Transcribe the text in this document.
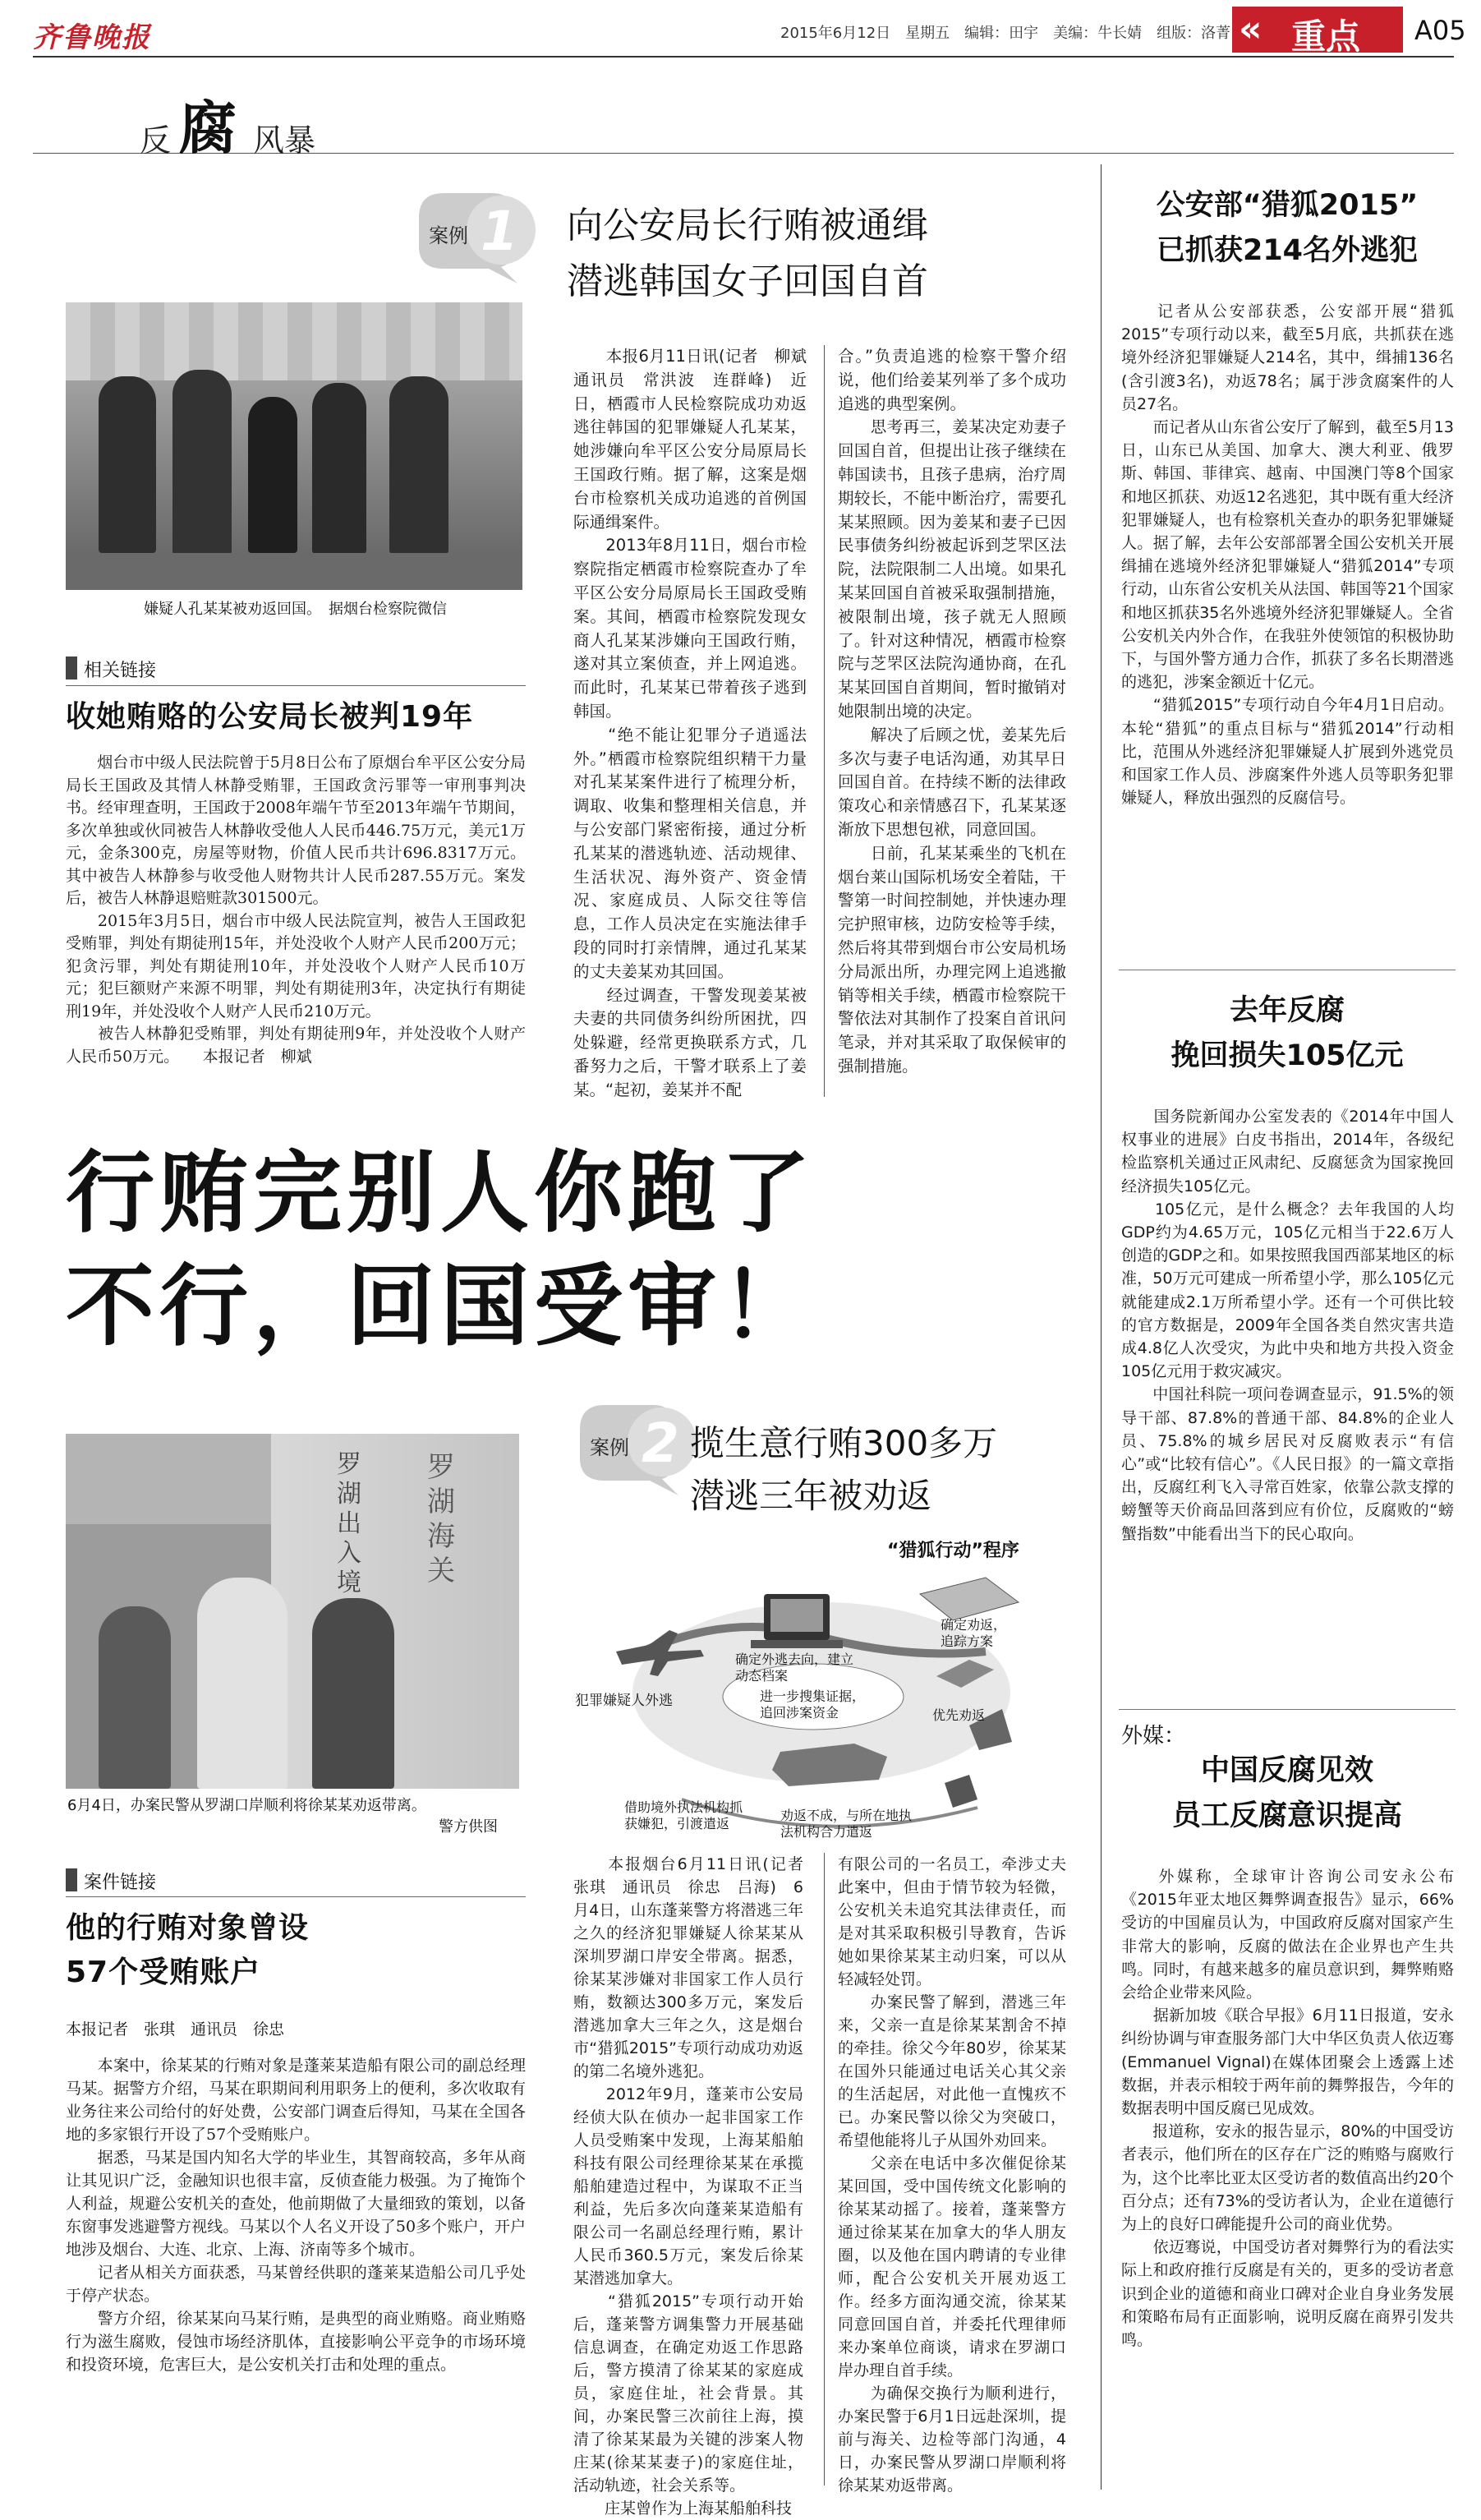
齐鲁晚报	2015年6月12日　星期五　编辑：田宇　美编：牛长婧　组版：洛菁 « 重点 A05
反 腐 风暴
案例 1 向公安局长行贿被通缉
潜逃韩国女子回国自首
嫌疑人孔某某被劝返回国。　据烟台检察院微信
　　本报6月11日讯(记者　柳斌　通讯员　常洪波　连群峰)　近日，栖霞市人民检察院成功劝返逃往韩国的犯罪嫌疑人孔某某，她涉嫌向牟平区公安分局原局长王国政行贿。据了解，这案是烟台市检察机关成功追逃的首例国际通缉案件。
　　2013年8月11日，烟台市检察院指定栖霞市检察院查办了牟平区公安分局原局长王国政受贿案。其间，栖霞市检察院发现女商人孔某某涉嫌向王国政行贿，遂对其立案侦查，并上网追逃。而此时，孔某某已带着孩子逃到韩国。
　　“绝不能让犯罪分子逍遥法外。”栖霞市检察院组织精干力量对孔某某案件进行了梳理分析，调取、收集和整理相关信息，并与公安部门紧密衔接，通过分析孔某某的潜逃轨迹、活动规律、生活状况、海外资产、资金情况、家庭成员、人际交往等信息，工作人员决定在实施法律手段的同时打亲情牌，通过孔某某的丈夫姜某劝其回国。
　　经过调查，干警发现姜某被夫妻的共同债务纠纷所困扰，四处躲避，经常更换联系方式，几番努力之后，干警才联系上了姜某。“起初，姜某并不配
合。”负责追逃的检察干警介绍说，他们给姜某列举了多个成功追逃的典型案例。
　　思考再三，姜某决定劝妻子回国自首，但提出让孩子继续在韩国读书，且孩子患病，治疗周期较长，不能中断治疗，需要孔某某照顾。因为姜某和妻子已因民事债务纠纷被起诉到芝罘区法院，法院限制二人出境。如果孔某某回国自首被采取强制措施，被限制出境，孩子就无人照顾了。针对这种情况，栖霞市检察院与芝罘区法院沟通协商，在孔某某回国自首期间，暂时撤销对她限制出境的决定。
　　解决了后顾之忧，姜某先后多次与妻子电话沟通，劝其早日回国自首。在持续不断的法律政策攻心和亲情感召下，孔某某逐渐放下思想包袱，同意回国。
　　日前，孔某某乘坐的飞机在烟台莱山国际机场安全着陆，干警第一时间控制她，并快速办理完护照审核，边防安检等手续，然后将其带到烟台市公安局机场分局派出所，办理完网上追逃撤销等相关手续，栖霞市检察院干警依法对其制作了投案自首讯问笔录，并对其采取了取保候审的强制措施。
相关链接
收她贿赂的公安局长被判19年
　　烟台市中级人民法院曾于5月8日公布了原烟台牟平区公安分局局长王国政及其情人林静受贿罪，王国政贪污罪等一审刑事判决书。经审理查明，王国政于2008年端午节至2013年端午节期间，多次单独或伙同被告人林静收受他人人民币446.75万元，美元1万元，金条300克，房屋等财物，价值人民币共计696.8317万元。其中被告人林静参与收受他人财物共计人民币287.55万元。案发后，被告人林静退赔赃款301500元。
　　2015年3月5日，烟台市中级人民法院宣判，被告人王国政犯受贿罪，判处有期徒刑15年，并处没收个人财产人民币200万元；犯贪污罪，判处有期徒刑10年，并处没收个人财产人民币10万元；犯巨额财产来源不明罪，判处有期徒刑3年，决定执行有期徒刑19年，并处没收个人财产人民币210万元。
　　被告人林静犯受贿罪，判处有期徒刑9年，并处没收个人财产人民币50万元。　　本报记者　柳斌
行贿完别人你跑了
不行，回国受审！
罗湖出入境
罗湖海关
6月4日，办案民警从罗湖口岸顺利将徐某某劝返带离。
警方供图
案例 2 揽生意行贿300多万
潜逃三年被劝返
“猎狐行动”程序
犯罪嫌疑人外逃
确定外逃去向，建立动态档案
确定劝返，追踪方案
进一步搜集证据，追回涉案资金
借助境外执法机构抓获嫌犯，引渡遣返
劝返不成，与所在地执法机构合力遣返
优先劝返
　　本报烟台6月11日讯(记者　张琪　通讯员　徐忠　吕海)　6月4日，山东蓬莱警方将潜逃三年之久的经济犯罪嫌疑人徐某某从深圳罗湖口岸安全带离。据悉，徐某某涉嫌对非国家工作人员行贿，数额达300多万元，案发后潜逃加拿大三年之久，这是烟台市“猎狐2015”专项行动成功劝返的第二名境外逃犯。
　　2012年9月，蓬莱市公安局经侦大队在侦办一起非国家工作人员受贿案中发现，上海某船舶科技有限公司经理徐某某在承揽船舶建造过程中，为谋取不正当利益，先后多次向蓬莱某造船有限公司一名副总经理行贿，累计人民币360.5万元，案发后徐某某潜逃加拿大。
　　“猎狐2015”专项行动开始后，蓬莱警方调集警力开展基础信息调查，在确定劝返工作思路后，警方摸清了徐某某的家庭成员，家庭住址，社会背景。其间，办案民警三次前往上海，摸清了徐某某最为关键的涉案人物庄某(徐某某妻子)的家庭住址，活动轨迹，社会关系等。
　　庄某曾作为上海某船舶科技
有限公司的一名员工，牵涉丈夫此案中，但由于情节较为轻微，公安机关未追究其法律责任，而是对其采取积极引导教育，告诉她如果徐某某主动归案，可以从轻减轻处罚。
　　办案民警了解到，潜逃三年来，父亲一直是徐某某割舍不掉的牵挂。徐父今年80岁，徐某某在国外只能通过电话关心其父亲的生活起居，对此他一直愧疚不已。办案民警以徐父为突破口，希望他能将儿子从国外劝回来。
　　父亲在电话中多次催促徐某某回国，受中国传统文化影响的徐某某动摇了。接着，蓬莱警方通过徐某某在加拿大的华人朋友圈，以及他在国内聘请的专业律师，配合公安机关开展劝返工作。经多方面沟通交流，徐某某同意回国自首，并委托代理律师来办案单位商谈，请求在罗湖口岸办理自首手续。
　　为确保交换行为顺利进行，办案民警于6月1日远赴深圳，提前与海关、边检等部门沟通，4日，办案民警从罗湖口岸顺利将徐某某劝返带离。
案件链接
他的行贿对象曾设
57个受贿账户
本报记者　张琪　通讯员　徐忠
　　本案中，徐某某的行贿对象是蓬莱某造船有限公司的副总经理马某。据警方介绍，马某在职期间利用职务上的便利，多次收取有业务往来公司给付的好处费，公安部门调查后得知，马某在全国各地的多家银行开设了57个受贿账户。
　　据悉，马某是国内知名大学的毕业生，其智商较高，多年从商让其见识广泛，金融知识也很丰富，反侦查能力极强。为了掩饰个人利益，规避公安机关的查处，他前期做了大量细致的策划，以备东窗事发逃避警方视线。马某以个人名义开设了50多个账户，开户地涉及烟台、大连、北京、上海、济南等多个城市。
　　记者从相关方面获悉，马某曾经供职的蓬莱某造船公司几乎处于停产状态。
　　警方介绍，徐某某向马某行贿，是典型的商业贿赂。商业贿赂行为滋生腐败，侵蚀市场经济肌体，直接影响公平竞争的市场环境和投资环境，危害巨大，是公安机关打击和处理的重点。
公安部“猎狐2015”
已抓获214名外逃犯
　　记者从公安部获悉，公安部开展“猎狐2015”专项行动以来，截至5月底，共抓获在逃境外经济犯罪嫌疑人214名，其中，缉捕136名(含引渡3名)，劝返78名；属于涉贪腐案件的人员27名。
　　而记者从山东省公安厅了解到，截至5月13日，山东已从美国、加拿大、澳大利亚、俄罗斯、韩国、菲律宾、越南、中国澳门等8个国家和地区抓获、劝返12名逃犯，其中既有重大经济犯罪嫌疑人，也有检察机关查办的职务犯罪嫌疑人。据了解，去年公安部部署全国公安机关开展缉捕在逃境外经济犯罪嫌疑人“猎狐2014”专项行动，山东省公安机关从法国、韩国等21个国家和地区抓获35名外逃境外经济犯罪嫌疑人。全省公安机关内外合作，在我驻外使领馆的积极协助下，与国外警方通力合作，抓获了多名长期潜逃的逃犯，涉案金额近十亿元。
　　“猎狐2015”专项行动自今年4月1日启动。本轮“猎狐”的重点目标与“猎狐2014”行动相比，范围从外逃经济犯罪嫌疑人扩展到外逃党员和国家工作人员、涉腐案件外逃人员等职务犯罪嫌疑人，释放出强烈的反腐信号。
去年反腐
挽回损失105亿元
　　国务院新闻办公室发表的《2014年中国人权事业的进展》白皮书指出，2014年，各级纪检监察机关通过正风肃纪、反腐惩贪为国家挽回经济损失105亿元。
　　105亿元，是什么概念？去年我国的人均GDP约为4.65万元，105亿元相当于22.6万人创造的GDP之和。如果按照我国西部某地区的标准，50万元可建成一所希望小学，那么105亿元就能建成2.1万所希望小学。还有一个可供比较的官方数据是，2009年全国各类自然灾害共造成4.8亿人次受灾，为此中央和地方共投入资金105亿元用于救灾减灾。
　　中国社科院一项问卷调查显示，91.5%的领导干部、87.8%的普通干部、84.8%的企业人员、75.8%的城乡居民对反腐败表示“有信心”或“比较有信心”。《人民日报》的一篇文章指出，反腐红利飞入寻常百姓家，依靠公款支撑的螃蟹等天价商品回落到应有价位，反腐败的“螃蟹指数”中能看出当下的民心取向。
外媒：
中国反腐见效
员工反腐意识提高
　　外媒称，全球审计咨询公司安永公布《2015年亚太地区舞弊调查报告》显示，66%受访的中国雇员认为，中国政府反腐对国家产生非常大的影响，反腐的做法在企业界也产生共鸣。同时，有越来越多的雇员意识到，舞弊贿赂会给企业带来风险。
　　据新加坡《联合早报》6月11日报道，安永纠纷协调与审查服务部门大中华区负责人依迈骞(Emmanuel Vignal)在媒体团聚会上透露上述数据，并表示相较于两年前的舞弊报告，今年的数据表明中国反腐已见成效。
　　报道称，安永的报告显示，80%的中国受访者表示，他们所在的区存在广泛的贿赂与腐败行为，这个比率比亚太区受访者的数值高出约20个百分点；还有73%的受访者认为，企业在道德行为上的良好口碑能提升公司的商业优势。
　　依迈骞说，中国受访者对舞弊行为的看法实际上和政府推行反腐是有关的，更多的受访者意识到企业的道德和商业口碑对企业自身业务发展和策略布局有正面影响，说明反腐在商界引发共鸣。
